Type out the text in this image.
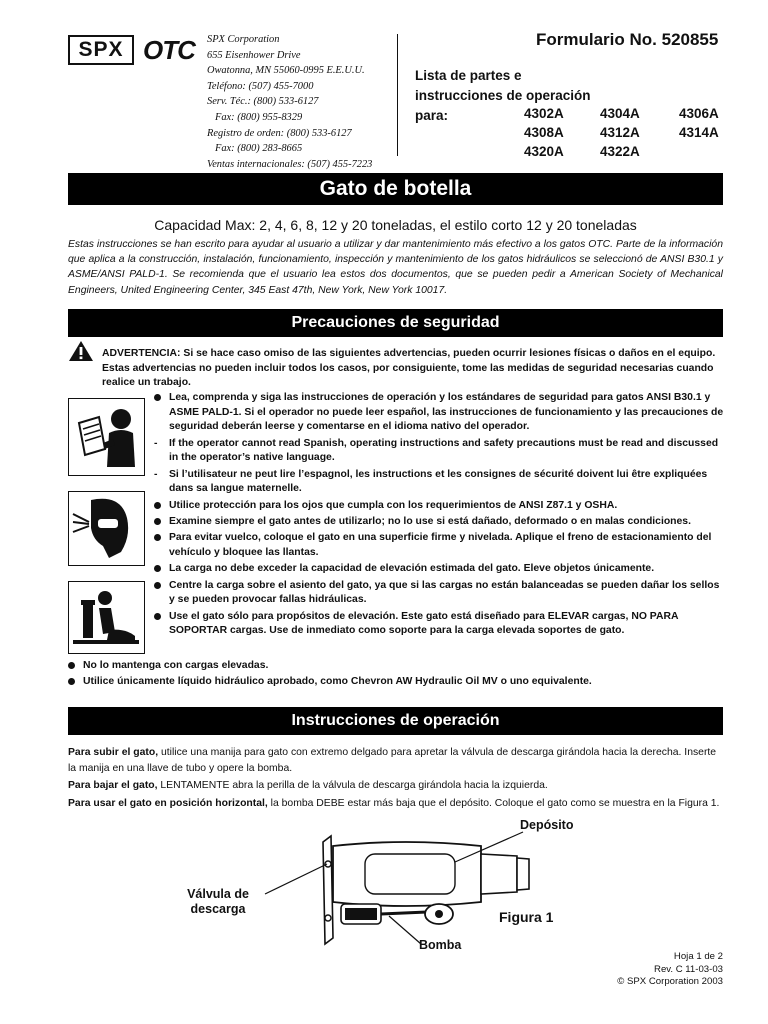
SPX OTC	SPX Corporation
655 Eisenhower Drive
Owatonna, MN 55060-0995 E.E.U.U.
Teléfono: (507) 455-7000
Serv. Téc.: (800) 533-6127
Fax: (800) 955-8329
Registro de orden: (800) 533-6127
Fax: (800) 283-8665
Ventas internacionales: (507) 455-7223
Formulario No. 520855
Lista de partes e
instrucciones de operación
para:	4302A	4304A	4306A
4308A	4312A	4314A
4320A	4322A
Gato de botella
Capacidad Max: 2, 4, 6, 8, 12 y 20 toneladas, el estilo corto 12 y 20 toneladas
Estas instrucciones se han escrito para ayudar al usuario a utilizar y dar mantenimiento más efectivo a los gatos OTC. Parte de la información que aplica a la construcción, instalación, funcionamiento, inspección y mantenimiento de los gatos hidráulicos se seleccionó de ANSI B30.1 y ASME/ANSI PALD-1. Se recomienda que el usuario lea estos dos documentos, que se pueden pedir a American Society of Mechanical Engineers, United Engineering Center, 345 East 47th, New York, New York 10017.
Precauciones de seguridad
ADVERTENCIA: Si se hace caso omiso de las siguientes advertencias, pueden ocurrir lesiones físicas o daños en el equipo. Estas advertencias no pueden incluir todos los casos, por consiguiente, tome las medidas de seguridad necesarias cuando realice un trabajo.
Lea, comprenda y siga las instrucciones de operación y los estándares de seguridad para gatos ANSI B30.1 y ASME PALD-1. Si el operador no puede leer español, las instrucciones de funcionamiento y las precauciones de seguridad deberán leerse y comentarse en el idioma nativo del operador.
- If the operator cannot read Spanish, operating instructions and safety precautions must be read and discussed in the operator’s native language.
- Si l’utilisateur ne peut lire l’espagnol, les instructions et les consignes de sécurité doivent lui être expliquées dans sa langue maternelle.
Utilice protección para los ojos que cumpla con los requerimientos de ANSI Z87.1 y OSHA.
Examine siempre el gato antes de utilizarlo; no lo use si está dañado, deformado o en malas condiciones.
Para evitar vuelco, coloque el gato en una superficie firme y nivelada. Aplique el freno de estacionamiento del vehículo y bloquee las llantas.
La carga no debe exceder la capacidad de elevación estimada del gato. Eleve objetos únicamente.
Centre la carga sobre el asiento del gato, ya que si las cargas no están balanceadas se pueden dañar los sellos y se pueden provocar fallas hidráulicas.
Use el gato sólo para propósitos de elevación. Este gato está diseñado para ELEVAR cargas, NO PARA SOPORTAR cargas. Use de inmediato como soporte para la carga elevada soportes de gato.
No lo mantenga con cargas elevadas.
Utilice únicamente líquido hidráulico aprobado, como Chevron AW Hydraulic Oil MV o uno equivalente.
Instrucciones de operación

Para subir el gato, utilice una manija para gato con extremo delgado para apretar la válvula de descarga girándola hacia la derecha. Inserte la manija en una llave de tubo y opere la bomba.

Para bajar el gato, LENTAMENTE abra la perilla de la válvula de descarga girándola hacia la izquierda.

Para usar el gato en posición horizontal, la bomba DEBE estar más baja que el depósito. Coloque el gato como se muestra en la Figura 1.

Depósito
Válvula de
descarga
Bomba
Figura 1
Hoja 1 de 2
Rev. C 11-03-03
© SPX Corporation 2003
